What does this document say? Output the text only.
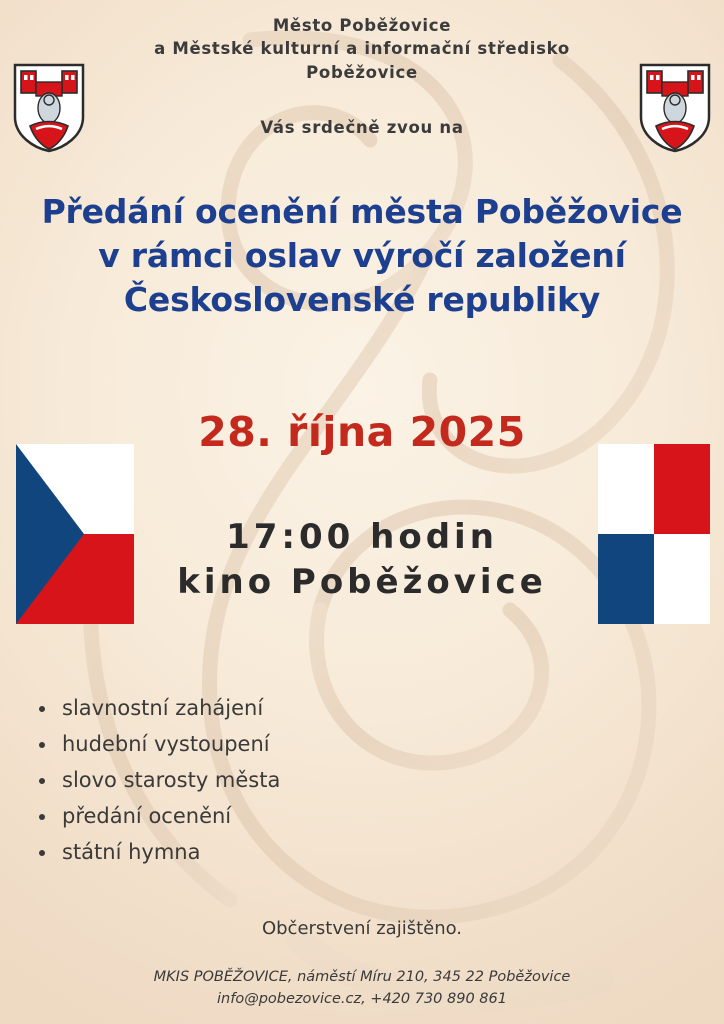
Město Poběžovice
a Městské kulturní a informační středisko
Poběžovice
Vás srdečně zvou na
Předání ocenění města Poběžovice
v rámci oslav výročí založení
Československé republiky
28. října 2025
17:00 hodin
kino Poběžovice
• slavnostní zahájení
• hudební vystoupení
• slovo starosty města
• předání ocenění
• státní hymna
Občerstvení zajištěno.
MKIS POBĚŽOVICE, náměstí Míru 210, 345 22 Poběžovice
info@pobezovice.cz, +420 730 890 861
